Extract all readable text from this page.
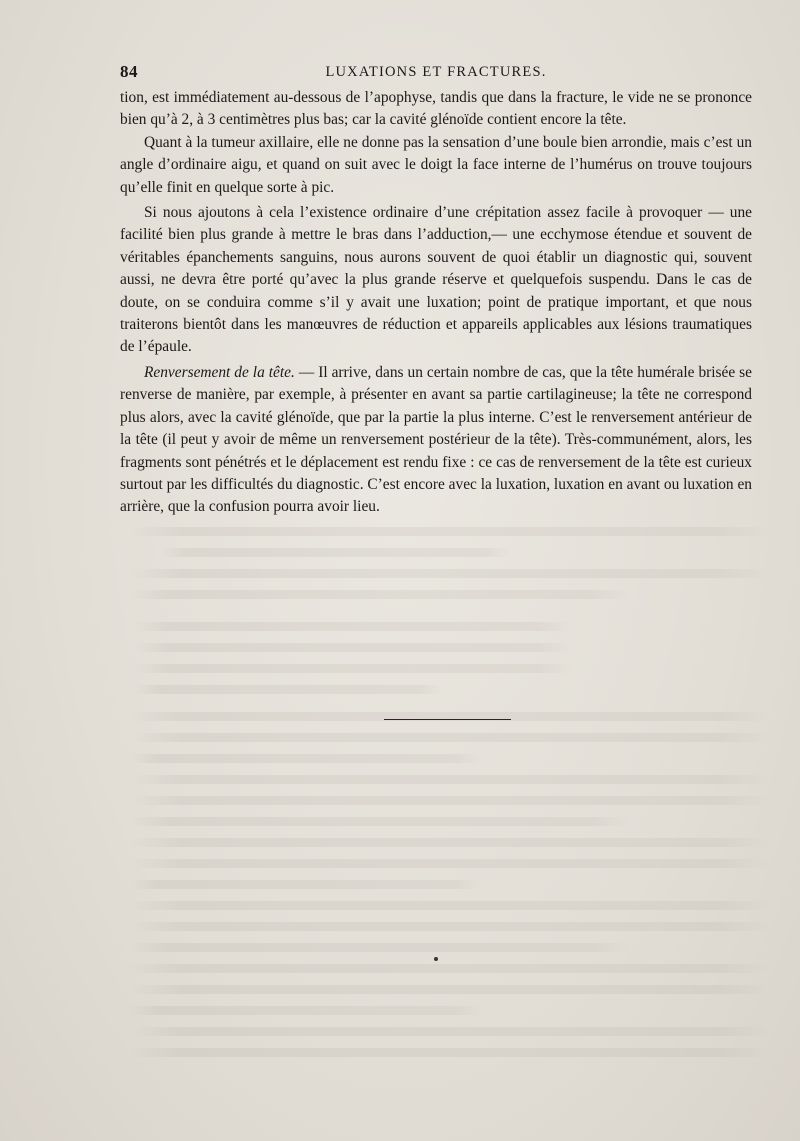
84	LUXATIONS ET FRACTURES.

tion, est immédiatement au-dessous de l’apophyse, tandis que dans la fracture, le vide ne se prononce bien qu’à 2, à 3 centimètres plus bas; car la cavité glénoïde contient encore la tête.

Quant à la tumeur axillaire, elle ne donne pas la sensation d’une boule bien arrondie, mais c’est un angle d’ordinaire aigu, et quand on suit avec le doigt la face interne de l’humérus on trouve toujours qu’elle finit en quelque sorte à pic.

Si nous ajoutons à cela l’existence ordinaire d’une crépitation assez facile à provoquer — une facilité bien plus grande à mettre le bras dans l’adduction,— une ecchymose étendue et souvent de véritables épanchements sanguins, nous aurons souvent de quoi établir un diagnostic qui, souvent aussi, ne devra être porté qu’avec la plus grande réserve et quelquefois suspendu. Dans le cas de doute, on se conduira comme s’il y avait une luxation; point de pratique important, et que nous traiterons bientôt dans les manœuvres de réduction et appareils applicables aux lésions traumatiques de l’épaule.

Renversement de la tête. — Il arrive, dans un certain nombre de cas, que la tête humérale brisée se renverse de manière, par exemple, à présenter en avant sa partie cartilagineuse; la tête ne correspond plus alors, avec la cavité glénoïde, que par la partie la plus interne. C’est le renversement antérieur de la tête (il peut y avoir de même un renversement postérieur de la tête). Très-communément, alors, les fragments sont pénétrés et le déplacement est rendu fixe : ce cas de renversement de la tête est curieux surtout par les difficultés du diagnostic. C’est encore avec la luxation, luxation en avant ou luxation en arrière, que la confusion pourra avoir lieu.
